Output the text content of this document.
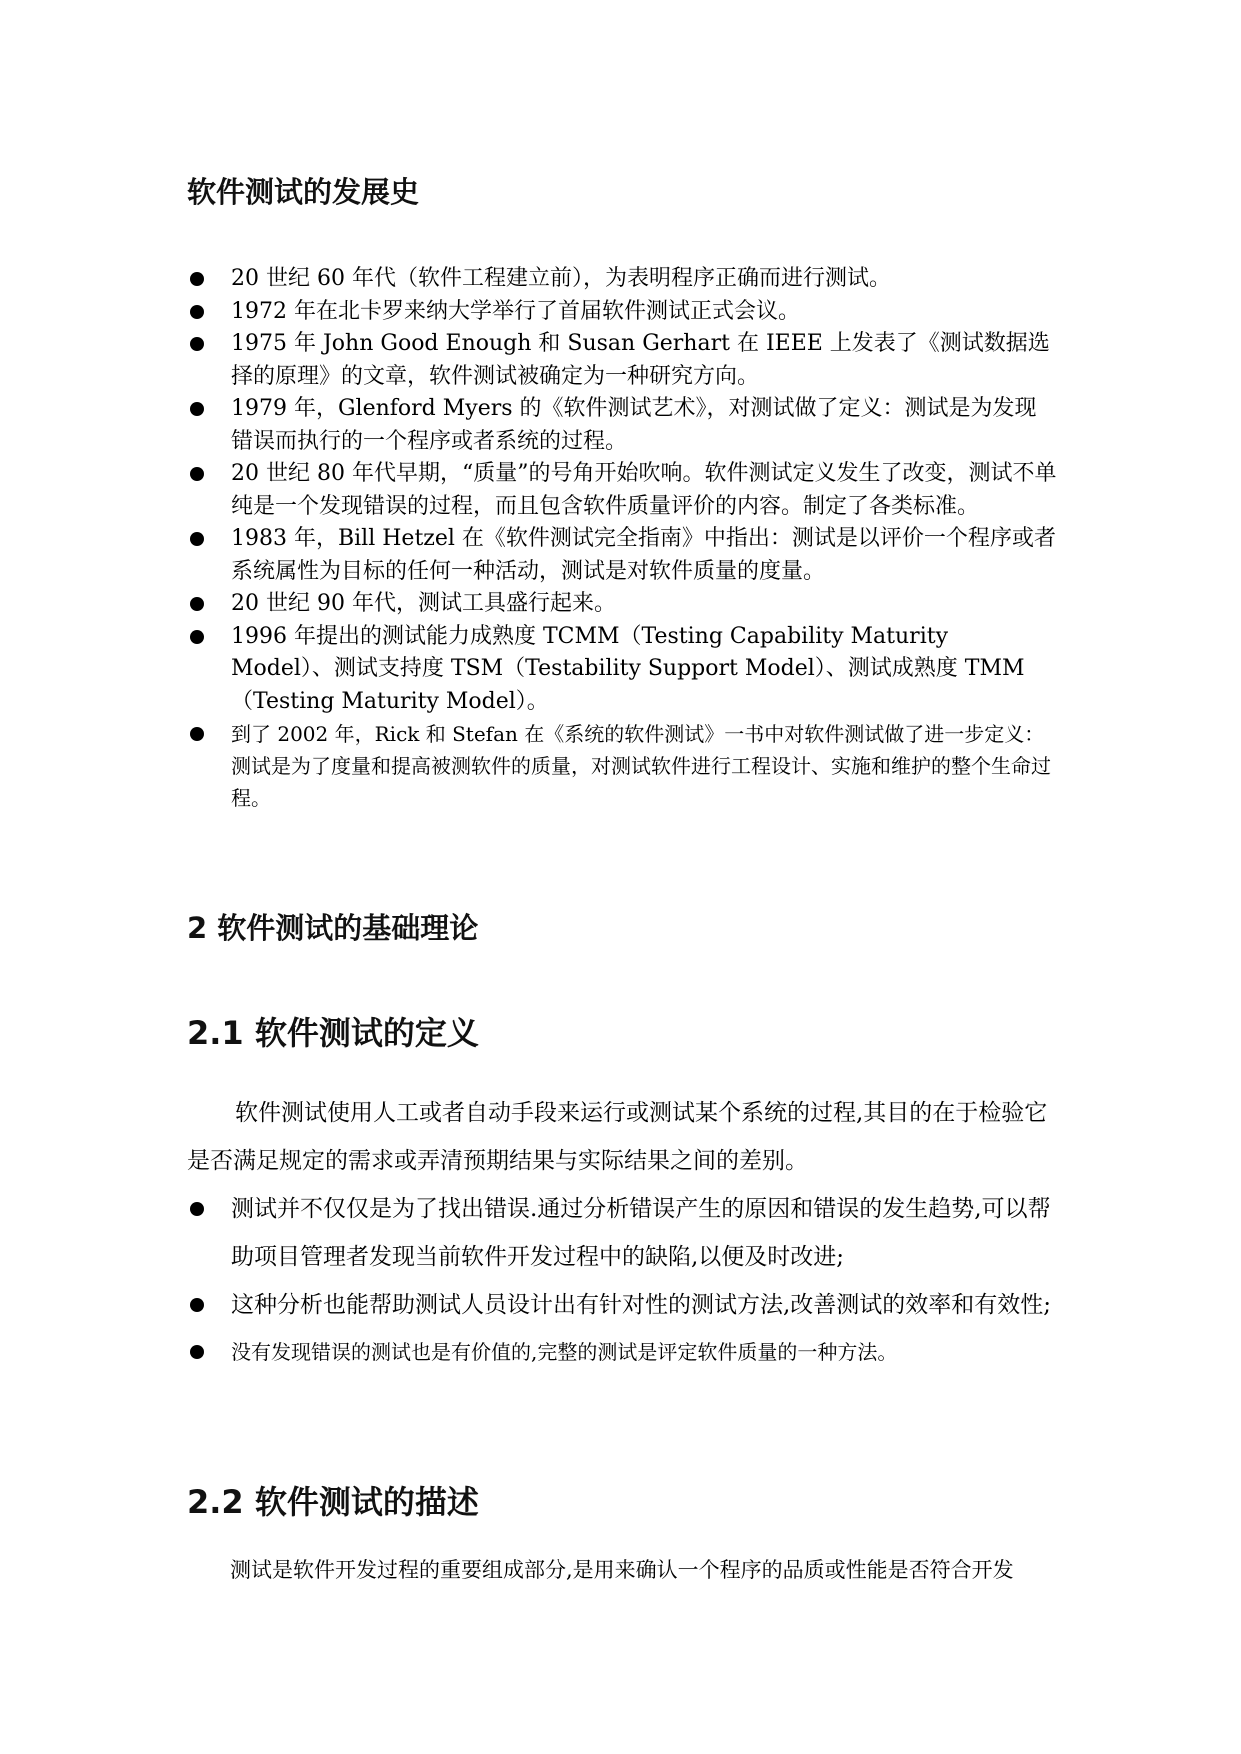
软件测试的发展史
20 世纪 60 年代（软件工程建立前），为表明程序正确而进行测试。
1972 年在北卡罗来纳大学举行了首届软件测试正式会议。
1975 年 John Good Enough 和 Susan Gerhart 在 IEEE 上发表了《测试数据选择的原理》的文章，软件测试被确定为一种研究方向。
1979 年，Glenford Myers 的《软件测试艺术》，对测试做了定义：测试是为发现错误而执行的一个程序或者系统的过程。
20 世纪 80 年代早期，“质量”的号角开始吹响。软件测试定义发生了改变，测试不单纯是一个发现错误的过程，而且包含软件质量评价的内容。制定了各类标准。
1983 年，Bill Hetzel 在《软件测试完全指南》中指出：测试是以评价一个程序或者系统属性为目标的任何一种活动，测试是对软件质量的度量。
20 世纪 90 年代，测试工具盛行起来。
1996 年提出的测试能力成熟度 TCMM（Testing Capability Maturity Model）、测试支持度 TSM（Testability Support Model）、测试成熟度 TMM（Testing Maturity Model）。
到了 2002 年，Rick 和 Stefan 在《系统的软件测试》一书中对软件测试做了进一步定义：测试是为了度量和提高被测软件的质量，对测试软件进行工程设计、实施和维护的整个生命过程。
2 软件测试的基础理论
2.1 软件测试的定义

软件测试使用人工或者自动手段来运行或测试某个系统的过程,其目的在于检验它是否满足规定的需求或弄清预期结果与实际结果之间的差别。

测试并不仅仅是为了找出错误.通过分析错误产生的原因和错误的发生趋势,可以帮助项目管理者发现当前软件开发过程中的缺陷,以便及时改进;
这种分析也能帮助测试人员设计出有针对性的测试方法,改善测试的效率和有效性;
没有发现错误的测试也是有价值的,完整的测试是评定软件质量的一种方法。
2.2 软件测试的描述

测试是软件开发过程的重要组成部分,是用来确认一个程序的品质或性能是否符合开发
